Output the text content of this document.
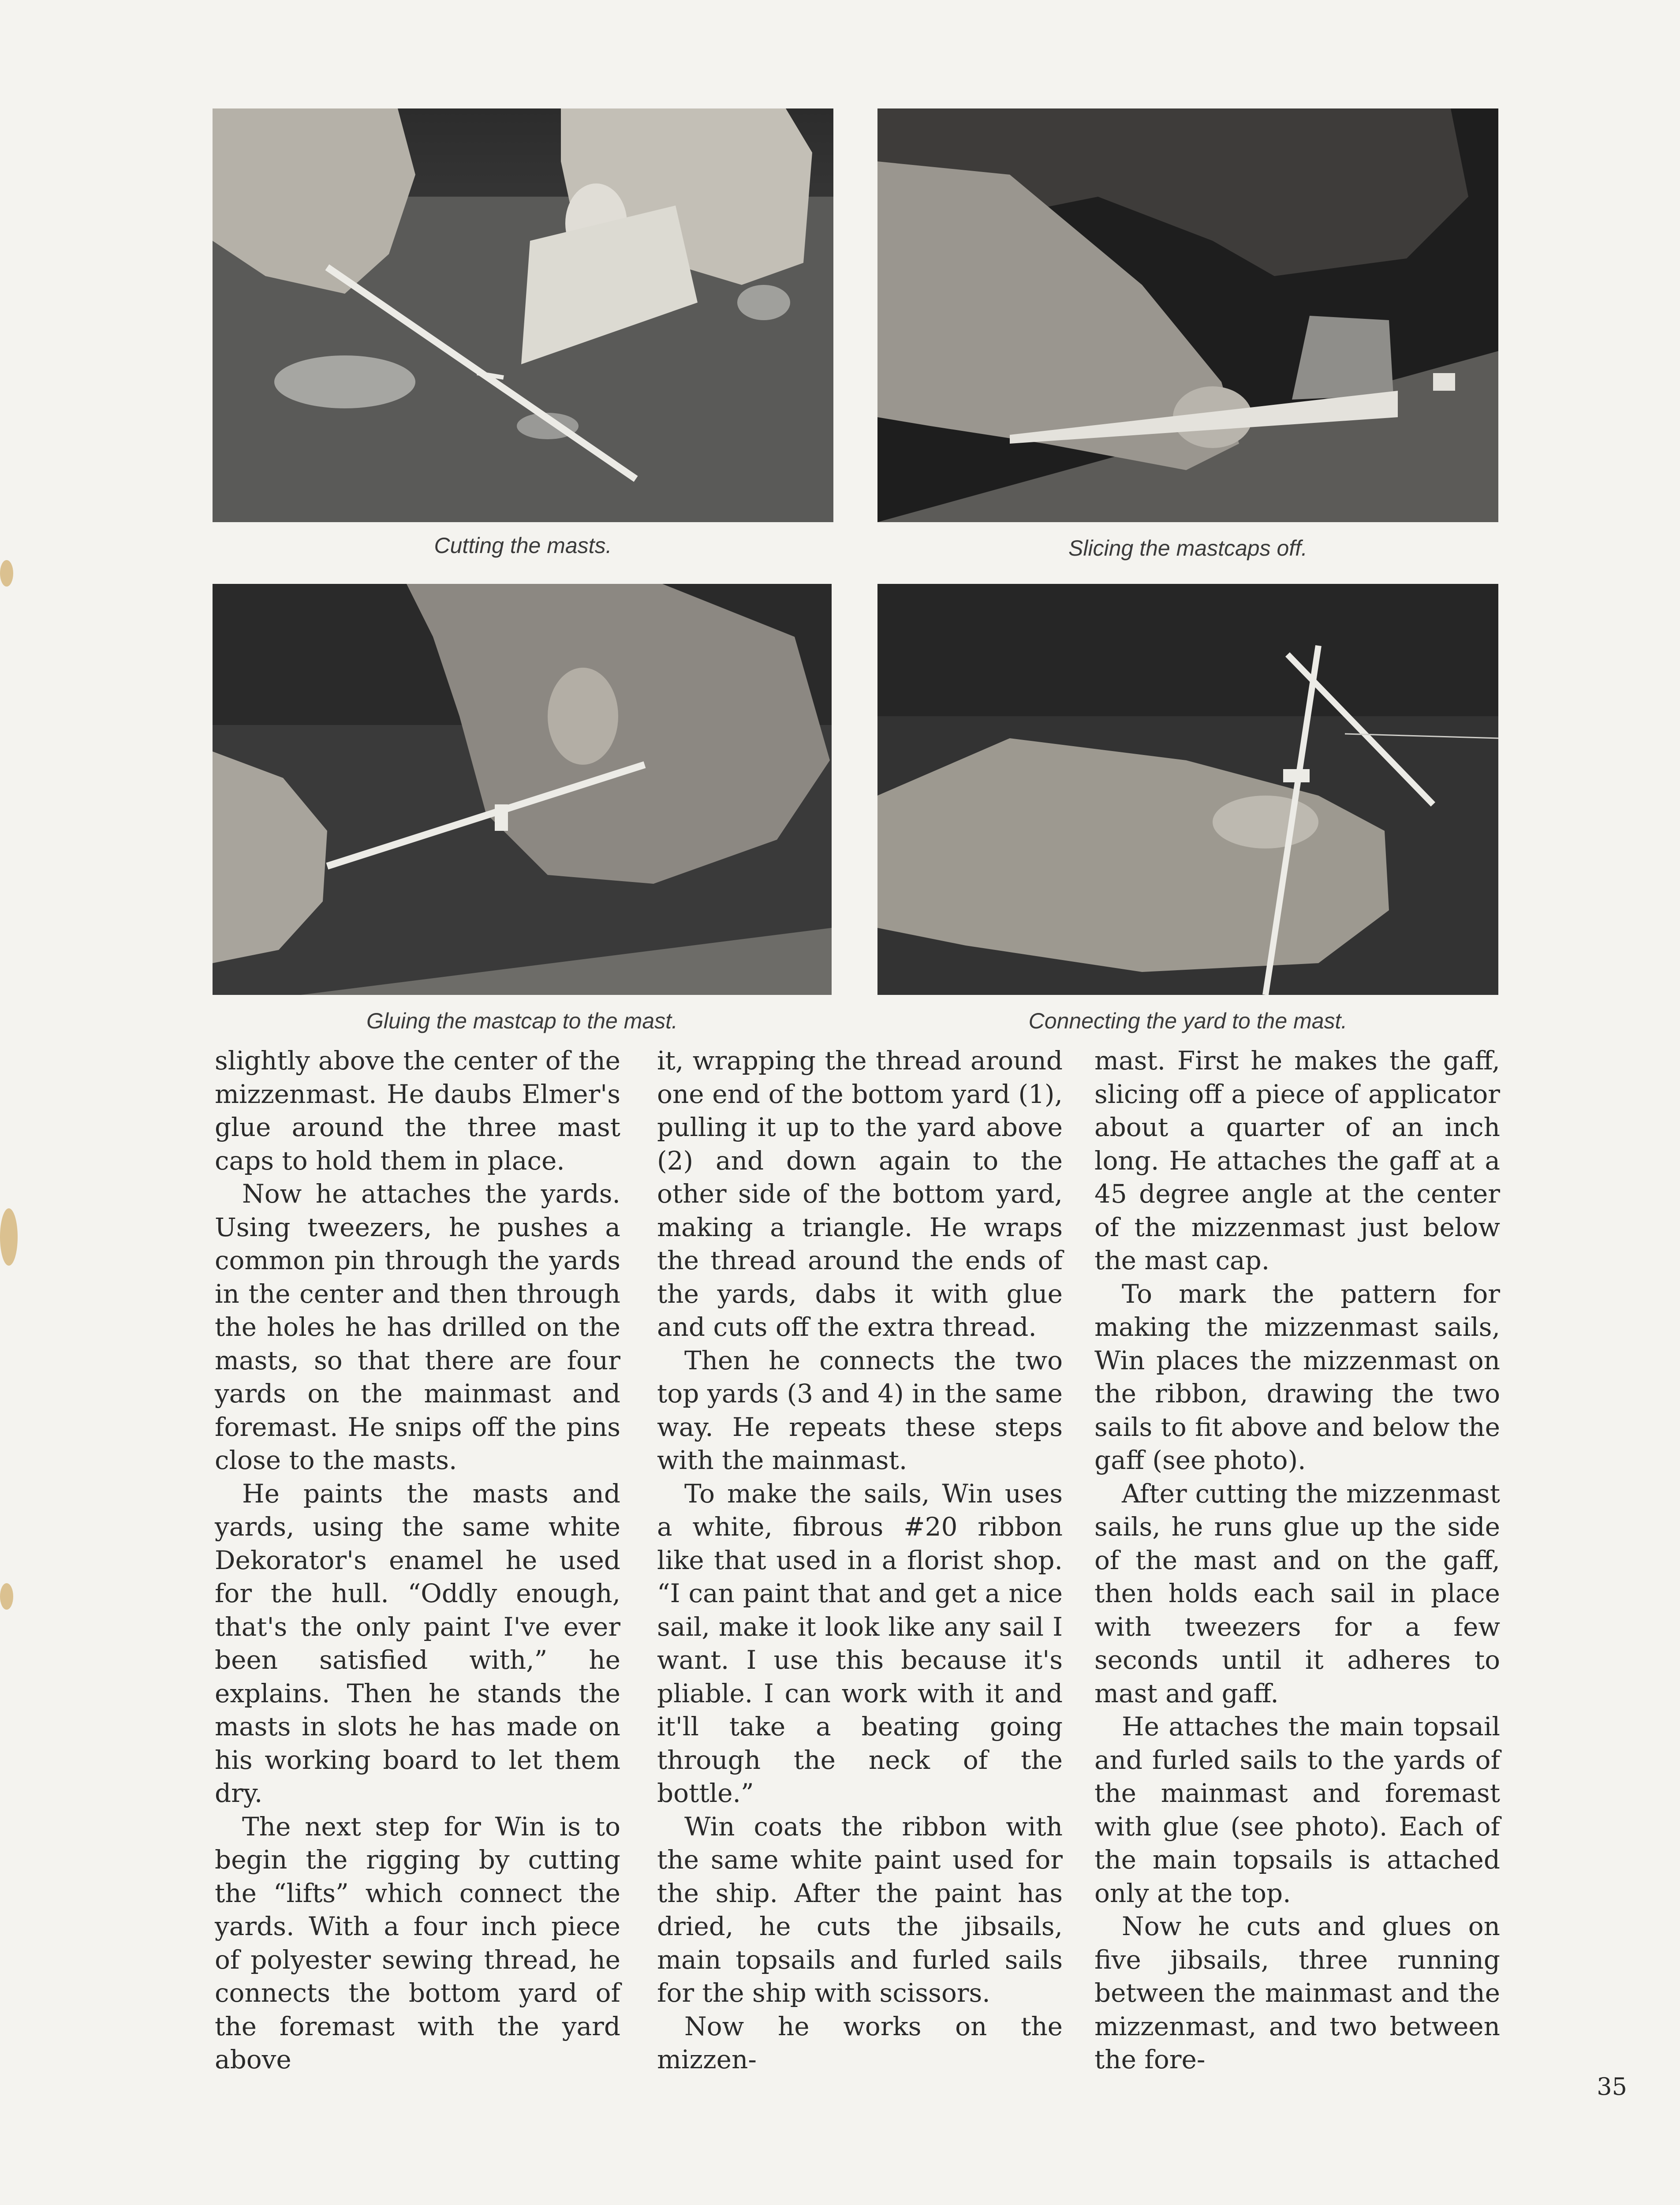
Cutting the masts.	Slicing the mastcaps off.
Gluing the mastcap to the mast.	Connecting the yard to the mast.

slightly above the center of the mizzenmast. He daubs Elmer's glue around the three mast caps to hold them in place.

Now he attaches the yards. Using tweezers, he pushes a common pin through the yards in the center and then through the holes he has drilled on the masts, so that there are four yards on the mainmast and foremast. He snips off the pins close to the masts.

He paints the masts and yards, using the same white Dekorator's enamel he used for the hull. “Oddly enough, that's the only paint I've ever been satisfied with,” he explains. Then he stands the masts in slots he has made on his working board to let them dry.

The next step for Win is to begin the rigging by cutting the “lifts” which connect the yards. With a four inch piece of polyester sewing thread, he connects the bottom yard of the foremast with the yard above

it, wrapping the thread around one end of the bottom yard (1), pulling it up to the yard above (2) and down again to the other side of the bottom yard, making a triangle. He wraps the thread around the ends of the yards, dabs it with glue and cuts off the extra thread.

Then he connects the two top yards (3 and 4) in the same way. He repeats these steps with the mainmast.

To make the sails, Win uses a white, fibrous #20 ribbon like that used in a florist shop. “I can paint that and get a nice sail, make it look like any sail I want. I use this because it's pliable. I can work with it and it'll take a beating going through the neck of the bottle.”

Win coats the ribbon with the same white paint used for the ship. After the paint has dried, he cuts the jibsails, main topsails and furled sails for the ship with scissors.

Now he works on the mizzen-

mast. First he makes the gaff, slicing off a piece of applicator about a quarter of an inch long. He attaches the gaff at a 45 degree angle at the center of the mizzenmast just below the mast cap.

To mark the pattern for making the mizzenmast sails, Win places the mizzenmast on the ribbon, drawing the two sails to fit above and below the gaff (see photo).

After cutting the mizzenmast sails, he runs glue up the side of the mast and on the gaff, then holds each sail in place with tweezers for a few seconds until it adheres to mast and gaff.

He attaches the main topsail and furled sails to the yards of the mainmast and foremast with glue (see photo). Each of the main topsails is attached only at the top.

Now he cuts and glues on five jibsails, three running between the mainmast and the mizzenmast, and two between the fore-

35
